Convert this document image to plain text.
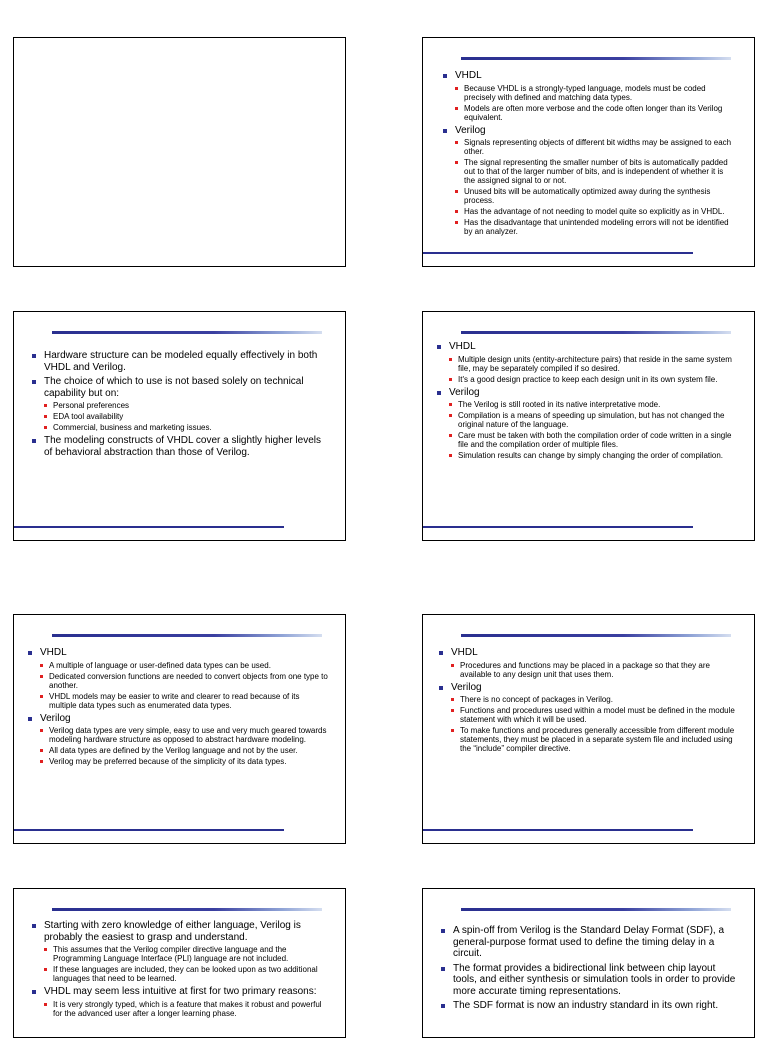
VHDL
Because VHDL is a strongly-typed language, models must be coded precisely with defined and matching data types.
Models are often more verbose and the code often longer than its Verilog equivalent.
Verilog
Signals representing objects of different bit widths may be assigned to each other.
The signal representing the smaller number of bits is automatically padded out to that of the larger number of bits, and is independent of whether it is the assigned signal to or not.
Unused bits will be automatically optimized away during the synthesis process.
Has the advantage of not needing to model quite so explicitly as in VHDL.
Has the disadvantage that unintended modeling errors will not be identified by an analyzer.
Hardware structure can be modeled equally effectively in both VHDL and Verilog.
The choice of which to use is not based solely on technical capability but on:
Personal preferences
EDA tool availability
Commercial, business and marketing issues.
The modeling constructs of VHDL cover a slightly higher levels of behavioral abstraction than those of Verilog.
VHDL
Multiple design units (entity-architecture pairs) that reside in the same system file, may be separately compiled if so desired.
It's a good design practice to keep each design unit in its own system file.
Verilog
The Verilog is still rooted in its native interpretative mode.
Compilation is a means of speeding up simulation, but has not changed the original nature of the language.
Care must be taken with both the compilation order of code written in a single file and the compilation order of multiple files.
Simulation results can change by simply changing the order of compilation.
VHDL
A multiple of language or user-defined data types can be used.
Dedicated conversion functions are needed to convert objects from one type to another.
VHDL models may be easier to write and clearer to read because of its multiple data types such as enumerated data types.
Verilog
Verilog data types are very simple, easy to use and very much geared towards modeling hardware structure as opposed to abstract hardware modeling.
All data types are defined by the Verilog language and not by the user.
Verilog may be preferred because of the simplicity of its data types.
VHDL
Procedures and functions may be placed in a package so that they are available to any design unit that uses them.
Verilog
There is no concept of packages in Verilog.
Functions and procedures used within a model must be defined in the module statement with which it will be used.
To make functions and procedures generally accessible from different module statements, they must be placed in a separate system file and included using the “include” compiler directive.
Starting with zero knowledge of either language, Verilog is probably the easiest to grasp and understand.
This assumes that the Verilog compiler directive language and the Programming Language Interface (PLI) language are not included.
If these languages are included, they can be looked upon as two additional languages that need to be learned.
VHDL may seem less intuitive at first for two primary reasons:
It is very strongly typed, which is a feature that makes it robust and powerful for the advanced user after a longer learning phase.
A spin-off from Verilog is the Standard Delay Format (SDF), a general-purpose format used to define the timing delay in a circuit.
The format provides a bidirectional link between chip layout tools, and either synthesis or simulation tools in order to provide more accurate timing representations.
The SDF format is now an industry standard in its own right.
